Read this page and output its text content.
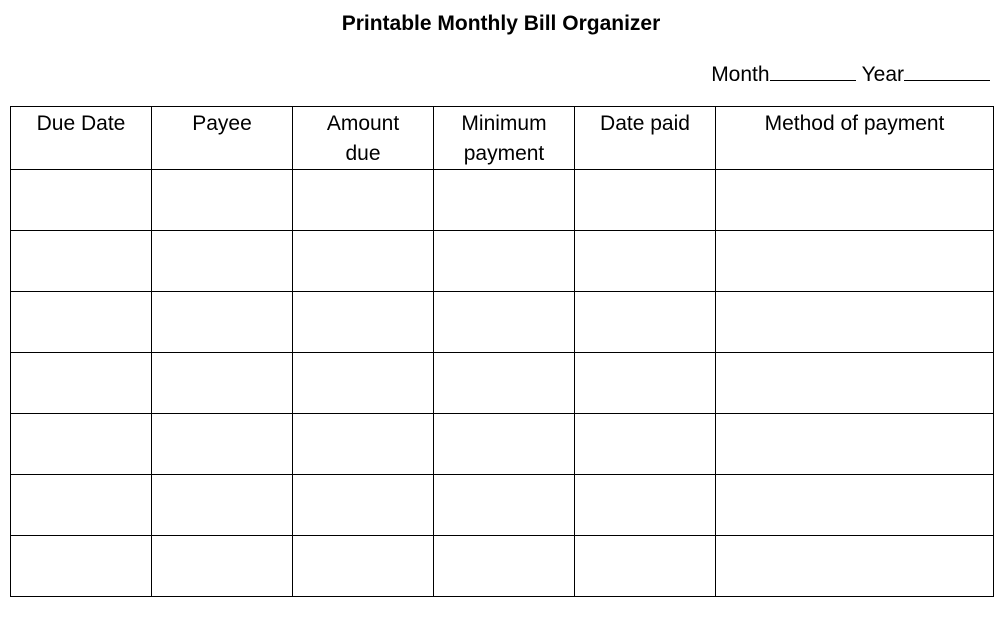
Printable Monthly Bill Organizer
Month	Year
Due Date	Payee	Amount due	Minimum payment	Date paid	Method of payment
